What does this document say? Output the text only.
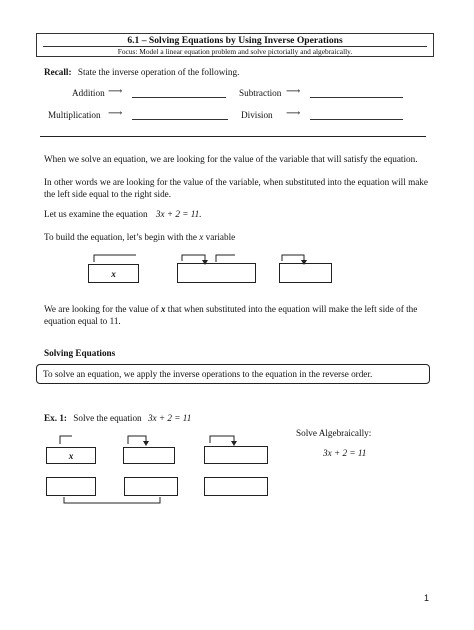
6.1 – Solving Equations by Using Inverse Operations
Focus: Model a linear equation problem and solve pictorially and algebraically.
Recall: State the inverse operation of the following.
Addition ⟶	Subtraction ⟶
Multiplication ⟶	Division ⟶
When we solve an equation, we are looking for the value of the variable that will satisfy the equation.
In other words we are looking for the value of the variable, when substituted into the equation will make the left side equal to the right side.
Let us examine the equation 3x + 2 = 11.
To build the equation, let’s begin with the x variable
x
We are looking for the value of x that when substituted into the equation will make the left side of the equation equal to 11.
Solving Equations
To solve an equation, we apply the inverse operations to the equation in the reverse order.
Ex. 1: Solve the equation 3x + 2 = 11
Solve Algebraically:
3x + 2 = 11
x
1
